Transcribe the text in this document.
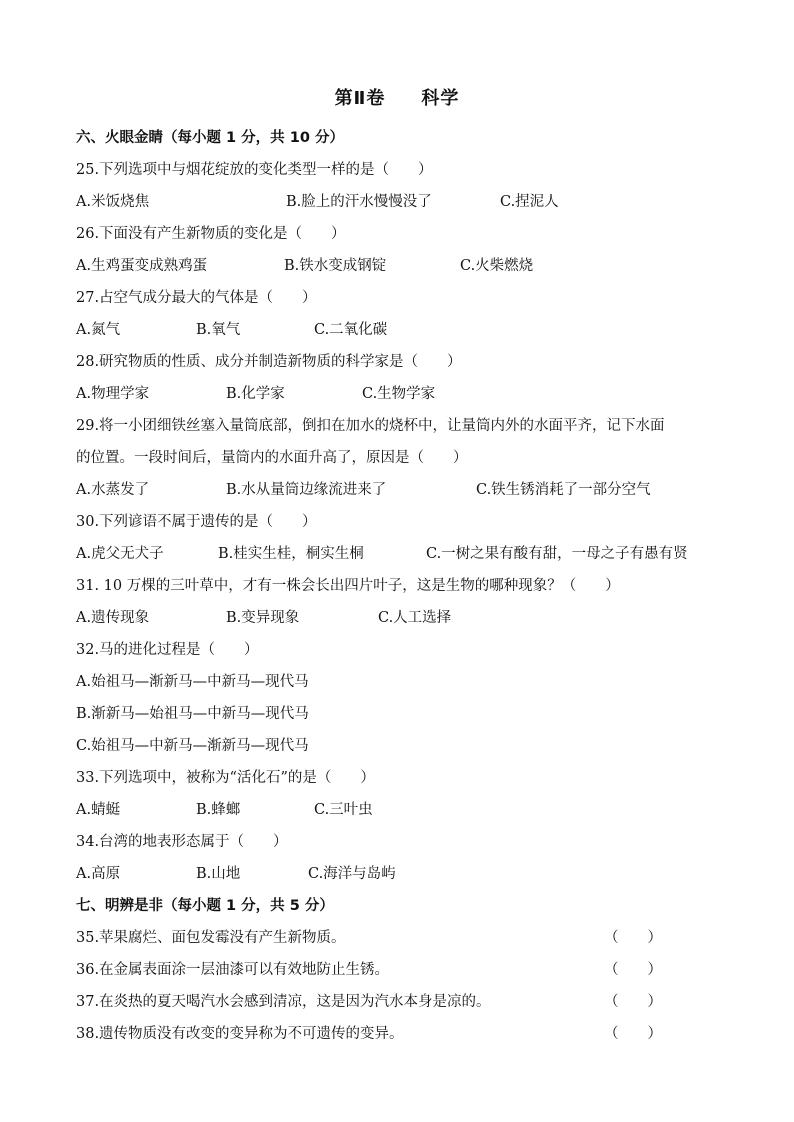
第Ⅱ卷 科学
六、火眼金睛（每小题 1 分，共 10 分）
25.下列选项中与烟花绽放的变化类型一样的是（　　）
A.米饭烧焦	B.脸上的汗水慢慢没了	C.捏泥人
26.下面没有产生新物质的变化是（　　）
A.生鸡蛋变成熟鸡蛋	B.铁水变成钢锭	C.火柴燃烧
27.占空气成分最大的气体是（　　）
A.氮气	B.氧气	C.二氧化碳
28.研究物质的性质、成分并制造新物质的科学家是（　　）
A.物理学家	B.化学家	C.生物学家
29.将一小团细铁丝塞入量筒底部，倒扣在加水的烧杯中，让量筒内外的水面平齐，记下水面
的位置。一段时间后，量筒内的水面升高了，原因是（　　）
A.水蒸发了	B.水从量筒边缘流进来了	C.铁生锈消耗了一部分空气
30.下列谚语不属于遗传的是（　　）
A.虎父无犬子	B.桂实生桂，桐实生桐	C.一树之果有酸有甜，一母之子有愚有贤
31. 10 万棵的三叶草中，才有一株会长出四片叶子，这是生物的哪种现象？（　　）
A.遗传现象	B.变异现象	C.人工选择
32.马的进化过程是（　　）
A.始祖马—渐新马—中新马—现代马
B.渐新马—始祖马—中新马—现代马
C.始祖马—中新马—渐新马—现代马
33.下列选项中，被称为“活化石”的是（　　）
A.蜻蜓	B.蜂螂	C.三叶虫
34.台湾的地表形态属于（　　）
A.高原	B.山地	C.海洋与岛屿
七、明辨是非（每小题 1 分，共 5 分）
35.苹果腐烂、面包发霉没有产生新物质。	（　　）
36.在金属表面涂一层油漆可以有效地防止生锈。	（　　）
37.在炎热的夏天喝汽水会感到清凉，这是因为汽水本身是凉的。	（　　）
38.遗传物质没有改变的变异称为不可遗传的变异。	（　　）
